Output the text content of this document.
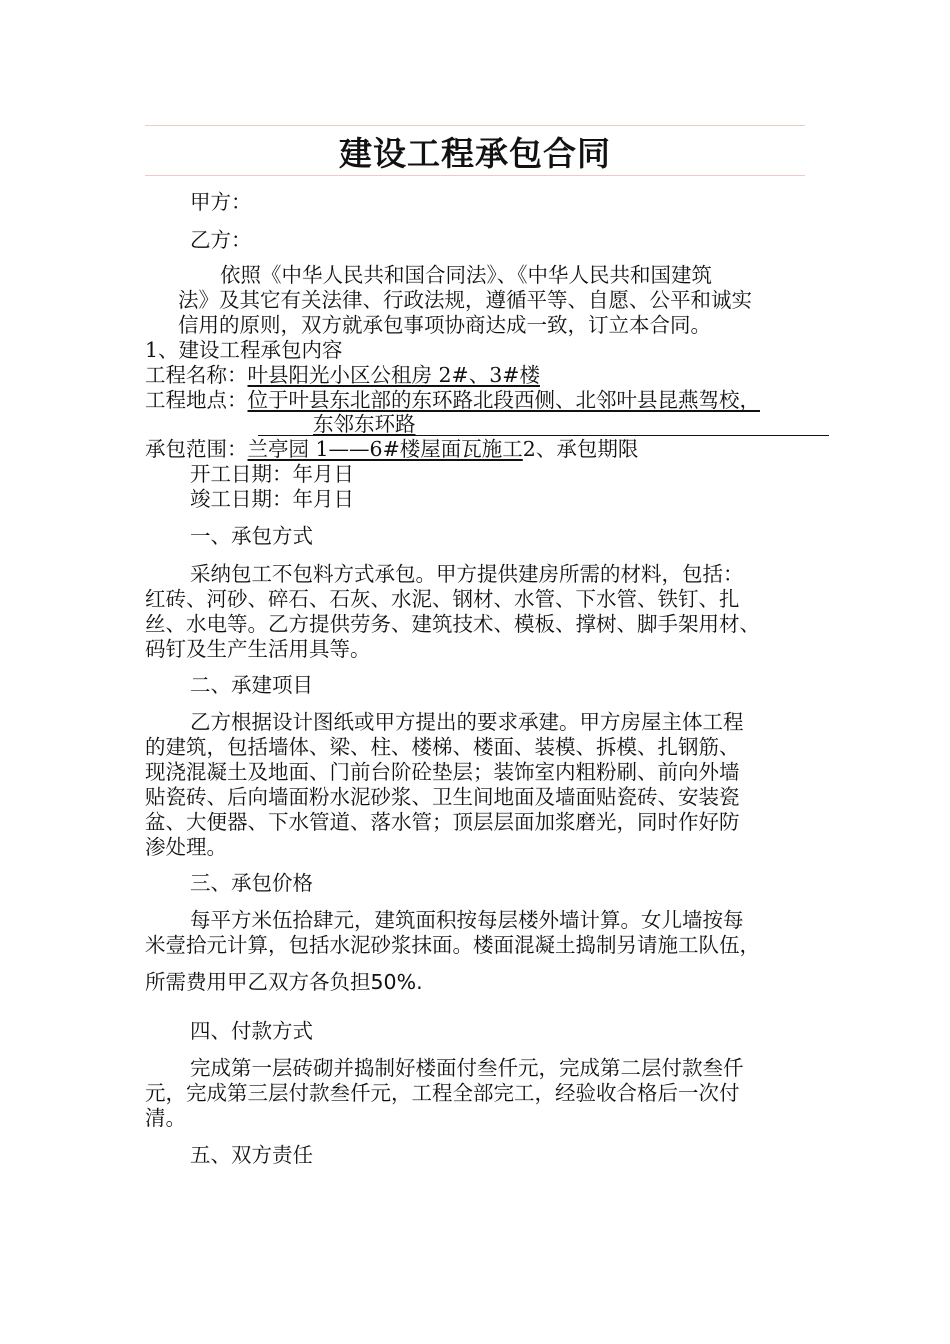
建设工程承包合同
甲方：
乙方：
依照《中华人民共和国合同法》、《中华人民共和国建筑
法》及其它有关法律、行政法规，遵循平等、自愿、公平和诚实
信用的原则，双方就承包事项协商达成一致，订立本合同。
1、建设工程承包内容
工程名称：叶县阳光小区公租房 2#、3#楼
工程地点：位于叶县东北部的东环路北段西侧、北邻叶县昆燕驾校，
东邻东环路
承包范围：兰亭园 1——6#楼屋面瓦施工2、承包期限
开工日期：年月日
竣工日期：年月日
一、承包方式
采纳包工不包料方式承包。甲方提供建房所需的材料，包括：
红砖、河砂、碎石、石灰、水泥、钢材、水管、下水管、铁钉、扎
丝、水电等。乙方提供劳务、建筑技术、模板、撑树、脚手架用材、
码钉及生产生活用具等。
二、承建项目
乙方根据设计图纸或甲方提出的要求承建。甲方房屋主体工程
的建筑，包括墙体、梁、柱、楼梯、楼面、装模、拆模、扎钢筋、
现浇混凝土及地面、门前台阶砼垫层；装饰室内粗粉刷、前向外墙
贴瓷砖、后向墙面粉水泥砂浆、卫生间地面及墙面贴瓷砖、安装瓷
盆、大便器、下水管道、落水管；顶层层面加浆磨光，同时作好防
渗处理。
三、承包价格
每平方米伍拾肆元，建筑面积按每层楼外墙计算。女儿墙按每
米壹拾元计算，包括水泥砂浆抹面。楼面混凝土捣制另请施工队伍，
所需费用甲乙双方各负担50%.
四、付款方式
完成第一层砖砌并捣制好楼面付叁仟元，完成第二层付款叁仟
元，完成第三层付款叁仟元，工程全部完工，经验收合格后一次付
清。
五、双方责任
